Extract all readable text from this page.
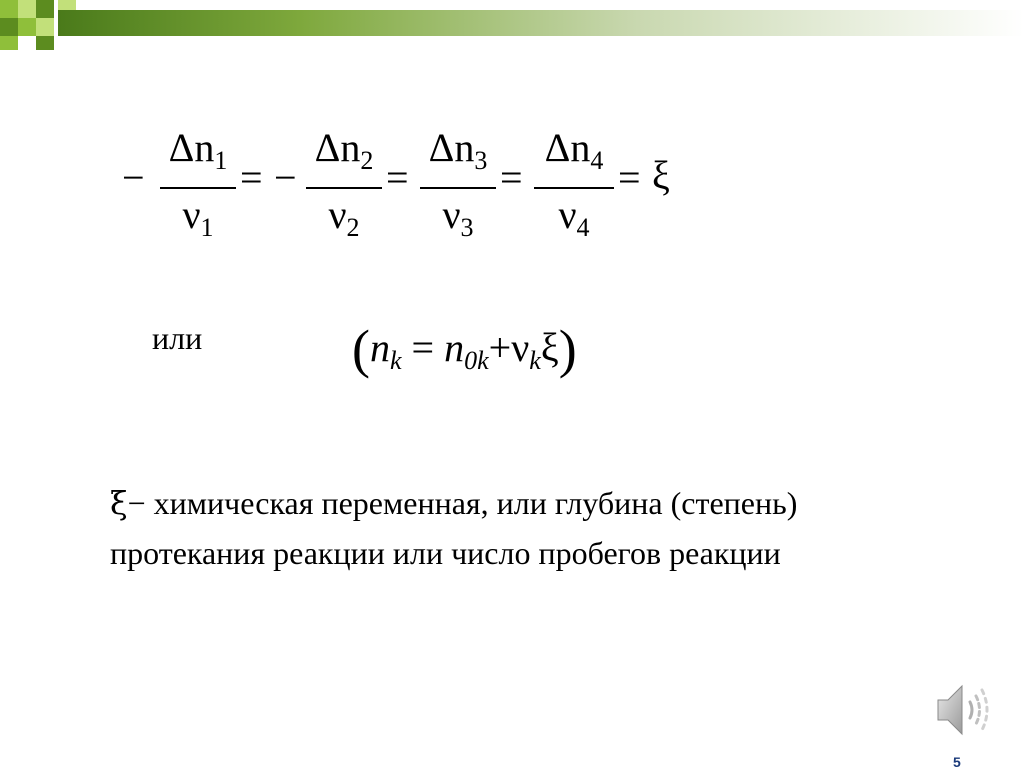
−
$\Delta n_1$
$\nu_1$
= −
$\Delta n_2$
$\nu_2$
=
$\Delta n_3$
$\nu_3$
=
$\Delta n_4$
$\nu_4$
= ξ
или	$(n_k = n_{0k}+\nu_k\xi)$
ξ− химическая переменная, или глубина (степень) протекания реакции или число пробегов реакции
5
